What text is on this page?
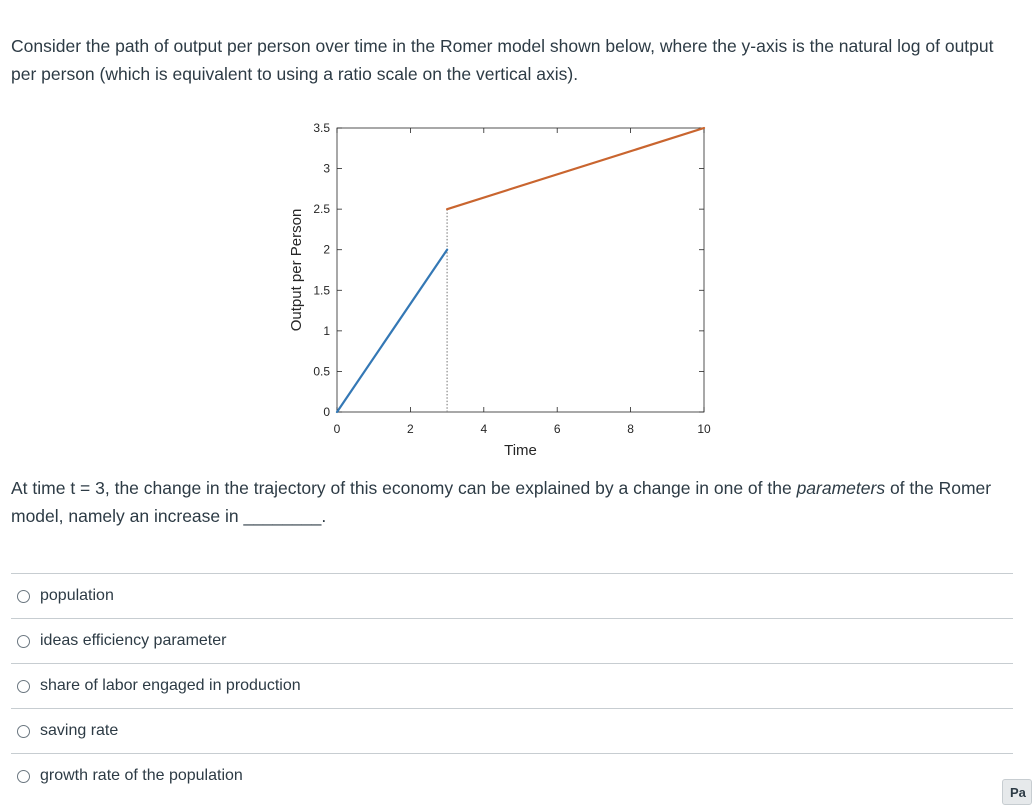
Consider the path of output per person over time in the Romer model shown below, where the y-axis is the natural log of output per person (which is equivalent to using a ratio scale on the vertical axis).
0	2	4	6	8	10
0
0.5
1
1.5
2
2.5
3
3.5
Time
Output per Person
At time t = 3, the change in the trajectory of this economy can be explained by a change in one of the parameters of the Romer model, namely an increase in ________.
population
ideas efficiency parameter
share of labor engaged in production
saving rate
growth rate of the population
Pa
